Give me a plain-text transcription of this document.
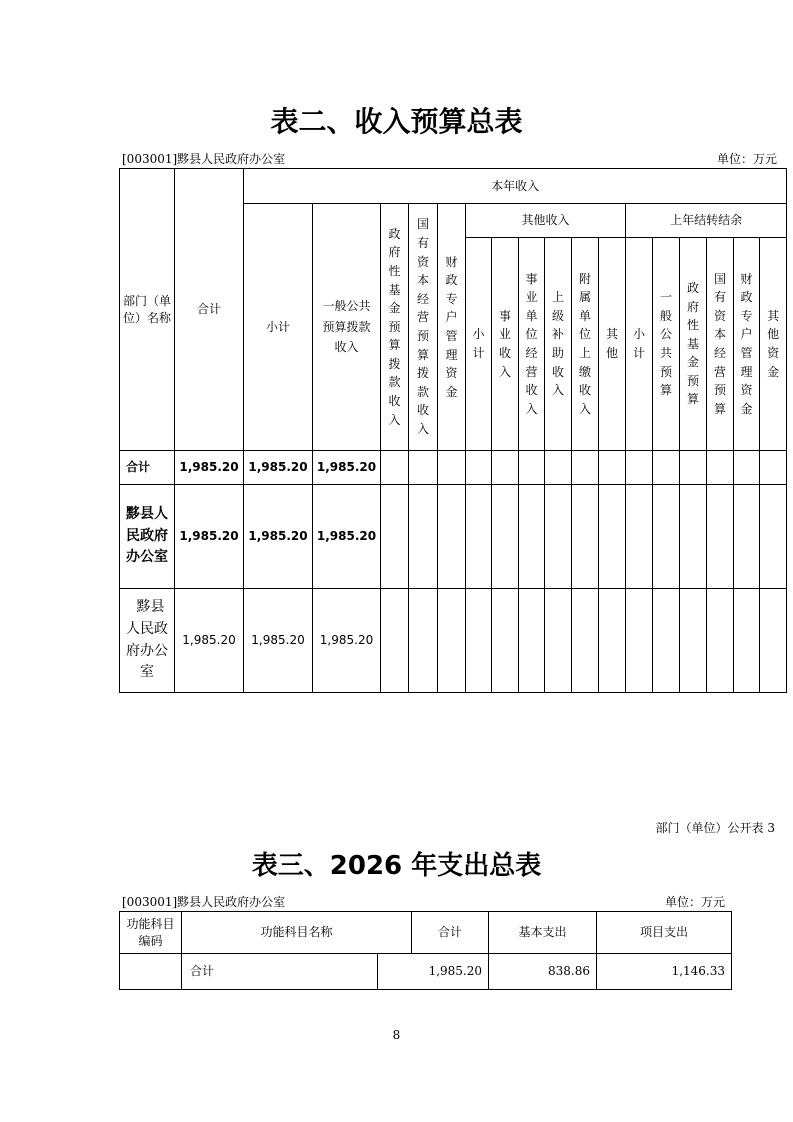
表二、收入预算总表
[003001]黟县人民政府办公室	单位：万元
部门（单位）名称	合计	本年收入																
		小计	一般公共预算拨款收入	政府性基金预算拨款收入	国有资本经营预算拨款收入	财政专户管理资金	其他收入						上年结转结余					

							小计	事业收入	事业单位经营收入	上级补助收入	附属单位上缴收入	其他	小计	一般公共预算	政府性基金预算	国有资本经营预算	财政专户管理资金	其他资金

合计	1,985.20	1,985.20	1,985.20															

黟县人民政府办公室	1,985.20	1,985.20	1,985.20															

黟县人民政府办公室	1,985.20	1,985.20	1,985.20															
部门（单位）公开表 3
表三、2026 年支出总表
[003001]黟县人民政府办公室	单位：万元
功能科目编码	功能科目名称		合计	基本支出	项目支出
	合计	1,985.20		838.86	1,146.33
8
